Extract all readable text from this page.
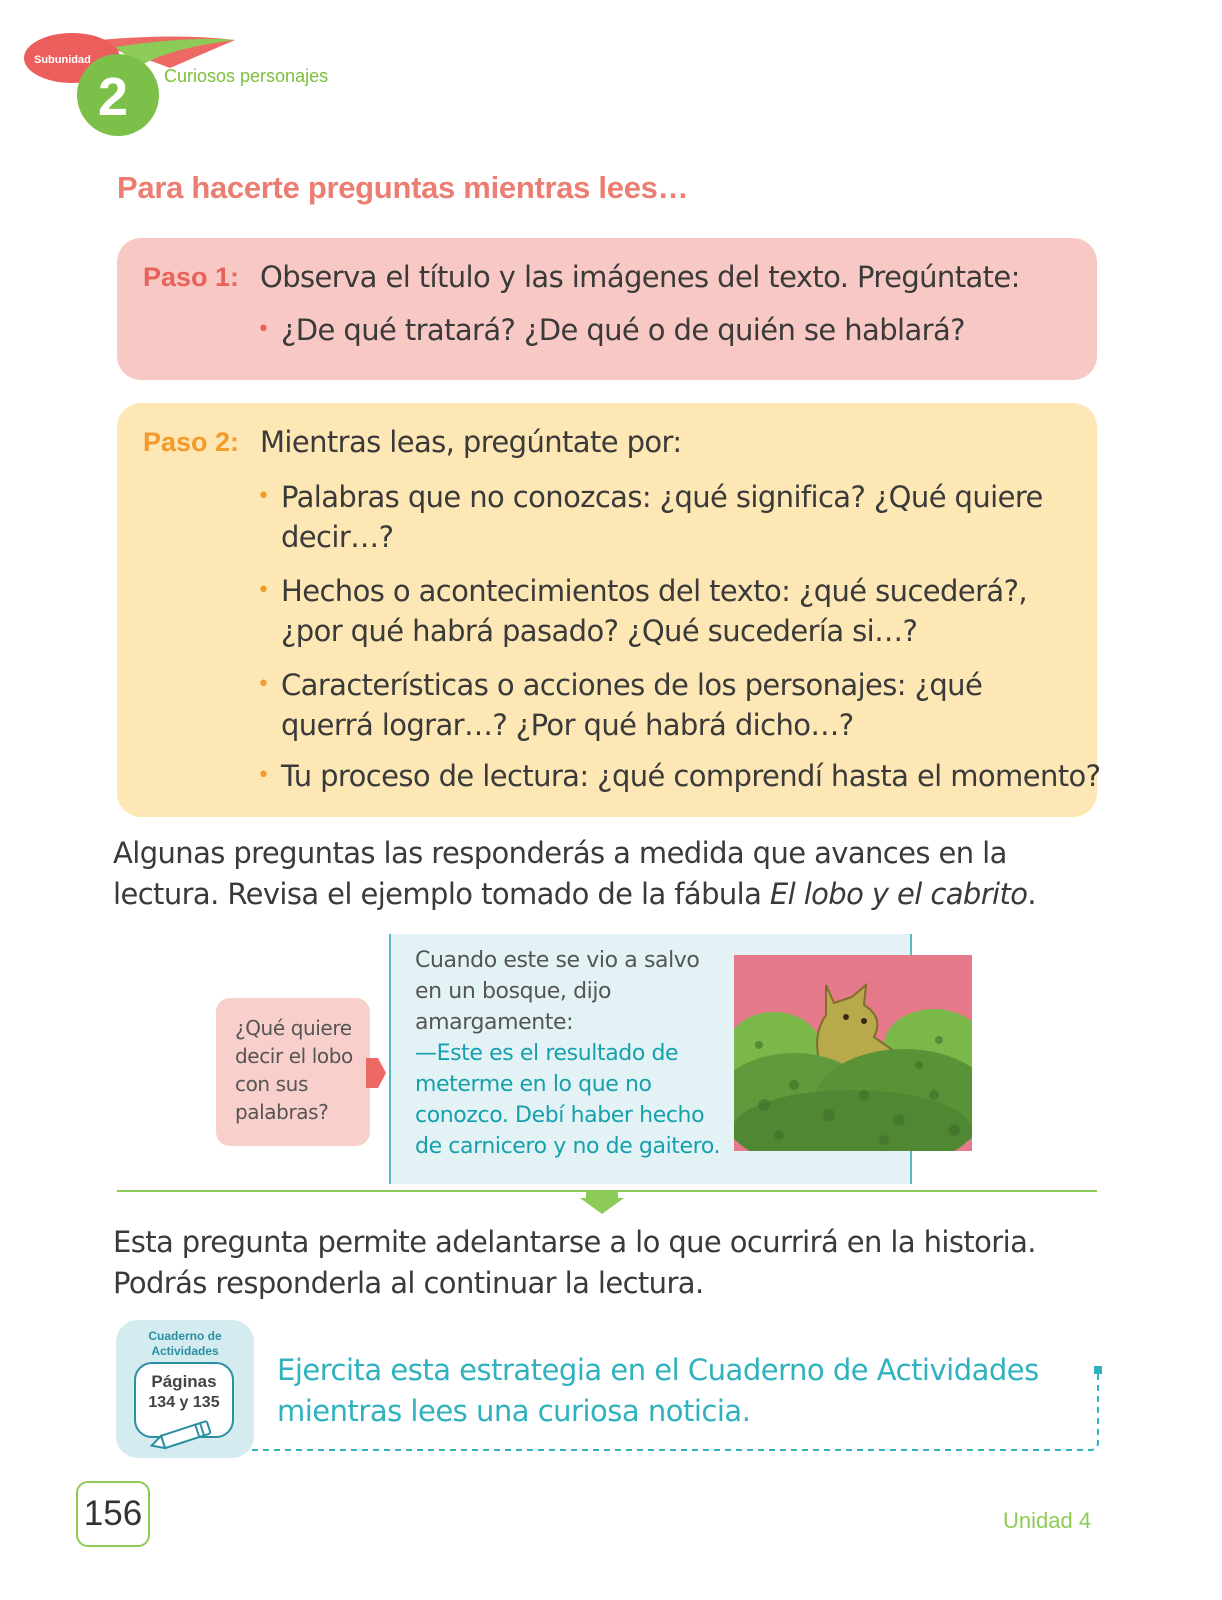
Subunidad
2 Curiosos personajes
Para hacerte preguntas mientras lees…
Paso 1: Observa el título y las imágenes del texto. Pregúntate:
• ¿De qué tratará? ¿De qué o de quién se hablará?
Paso 2: Mientras leas, pregúntate por:
• Palabras que no conozcas: ¿qué significa? ¿Qué quiere decir…?
• Hechos o acontecimientos del texto: ¿qué sucederá?, ¿por qué habrá pasado? ¿Qué sucedería si…?
• Características o acciones de los personajes: ¿qué querrá lograr…? ¿Por qué habrá dicho…?
• Tu proceso de lectura: ¿qué comprendí hasta el momento?
Algunas preguntas las responderás a medida que avances en la lectura. Revisa el ejemplo tomado de la fábula El lobo y el cabrito.
¿Qué quiere decir el lobo con sus palabras?
Cuando este se vio a salvo en un bosque, dijo amargamente:
—Este es el resultado de meterme en lo que no conozco. Debí haber hecho de carnicero y no de gaitero.
Esta pregunta permite adelantarse a lo que ocurrirá en la historia. Podrás responderla al continuar la lectura.
Cuaderno de Actividades
Páginas
134 y 135
Ejercita esta estrategia en el Cuaderno de Actividades mientras lees una curiosa noticia.
156	Unidad 4
